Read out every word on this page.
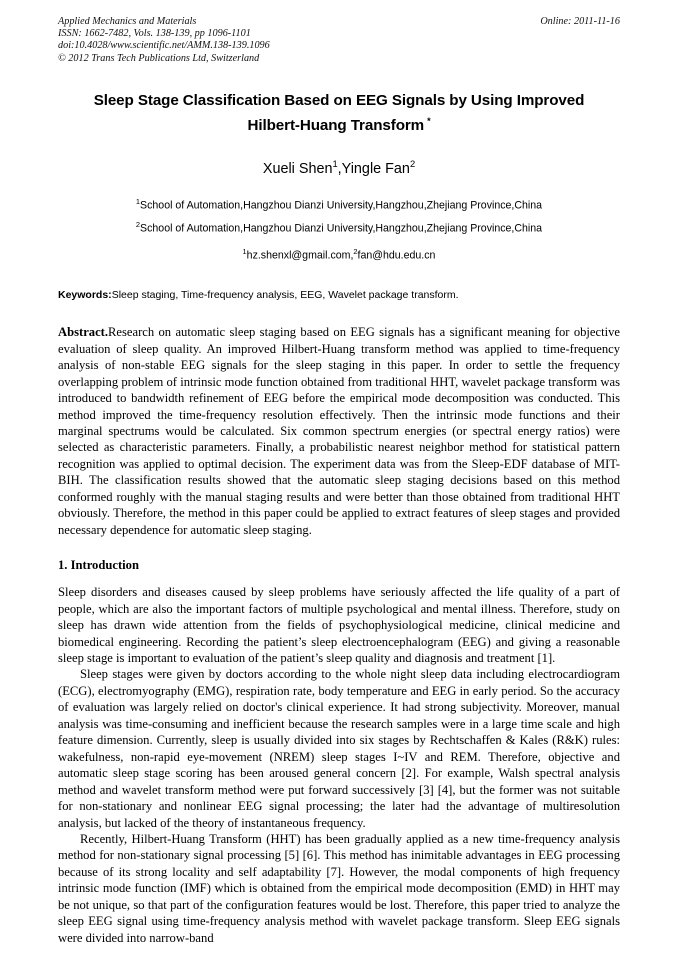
Applied Mechanics and Materials
ISSN: 1662-7482, Vols. 138-139, pp 1096-1101
doi:10.4028/www.scientific.net/AMM.138-139.1096
© 2012 Trans Tech Publications Ltd, Switzerland
Online: 2011-11-16
Sleep Stage Classification Based on EEG Signals by Using Improved
Hilbert-Huang Transform *
Xueli Shen$^1$,Yingle Fan$^2$
$^1$School of Automation,Hangzhou Dianzi University,Hangzhou,Zhejiang Province,China
$^2$School of Automation,Hangzhou Dianzi University,Hangzhou,Zhejiang Province,China
$^1$hz.shenxl@gmail.com,$^2$fan@hdu.edu.cn
Keywords:Sleep staging, Time-frequency analysis, EEG, Wavelet package transform.
Abstract.Research on automatic sleep staging based on EEG signals has a significant meaning for objective evaluation of sleep quality. An improved Hilbert-Huang transform method was applied to time-frequency analysis of non-stable EEG signals for the sleep staging in this paper. In order to settle the frequency overlapping problem of intrinsic mode function obtained from traditional HHT, wavelet package transform was introduced to bandwidth refinement of EEG before the empirical mode decomposition was conducted. This method improved the time-frequency resolution effectively. Then the intrinsic mode functions and their marginal spectrums would be calculated. Six common spectrum energies (or spectral energy ratios) were selected as characteristic parameters. Finally, a probabilistic nearest neighbor method for statistical pattern recognition was applied to optimal decision. The experiment data was from the Sleep-EDF database of MIT-BIH. The classification results showed that the automatic sleep staging decisions based on this method conformed roughly with the manual staging results and were better than those obtained from traditional HHT obviously. Therefore, the method in this paper could be applied to extract features of sleep stages and provided necessary dependence for automatic sleep staging.
1. Introduction

Sleep disorders and diseases caused by sleep problems have seriously affected the life quality of a part of people, which are also the important factors of multiple psychological and mental illness. Therefore, study on sleep has drawn wide attention from the fields of psychophysiological medicine, clinical medicine and biomedical engineering. Recording the patient’s sleep electroencephalogram (EEG) and giving a reasonable sleep stage is important to evaluation of the patient’s sleep quality and diagnosis and treatment [1].

Sleep stages were given by doctors according to the whole night sleep data including electrocardiogram (ECG), electromyography (EMG), respiration rate, body temperature and EEG in early period. So the accuracy of evaluation was largely relied on doctor's clinical experience. It had strong subjectivity. Moreover, manual analysis was time-consuming and inefficient because the research samples were in a large time scale and high feature dimension. Currently, sleep is usually divided into six stages by Rechtschaffen & Kales (R&K) rules: wakefulness, non-rapid eye-movement (NREM) sleep stages I~IV and REM. Therefore, objective and automatic sleep stage scoring has been aroused general concern [2]. For example, Walsh spectral analysis method and wavelet transform method were put forward successively [3] [4], but the former was not suitable for non-stationary and nonlinear EEG signal processing; the later had the advantage of multiresolution analysis, but lacked of the theory of instantaneous frequency.

Recently, Hilbert-Huang Transform (HHT) has been gradually applied as a new time-frequency analysis method for non-stationary signal processing [5] [6]. This method has inimitable advantages in EEG processing because of its strong locality and self adaptability [7]. However, the modal components of high frequency intrinsic mode function (IMF) which is obtained from the empirical mode decomposition (EMD) in HHT may be not unique, so that part of the configuration features would be lost. Therefore, this paper tried to analyze the sleep EEG signal using time-frequency analysis method with wavelet package transform. Sleep EEG signals were divided into narrow-band
